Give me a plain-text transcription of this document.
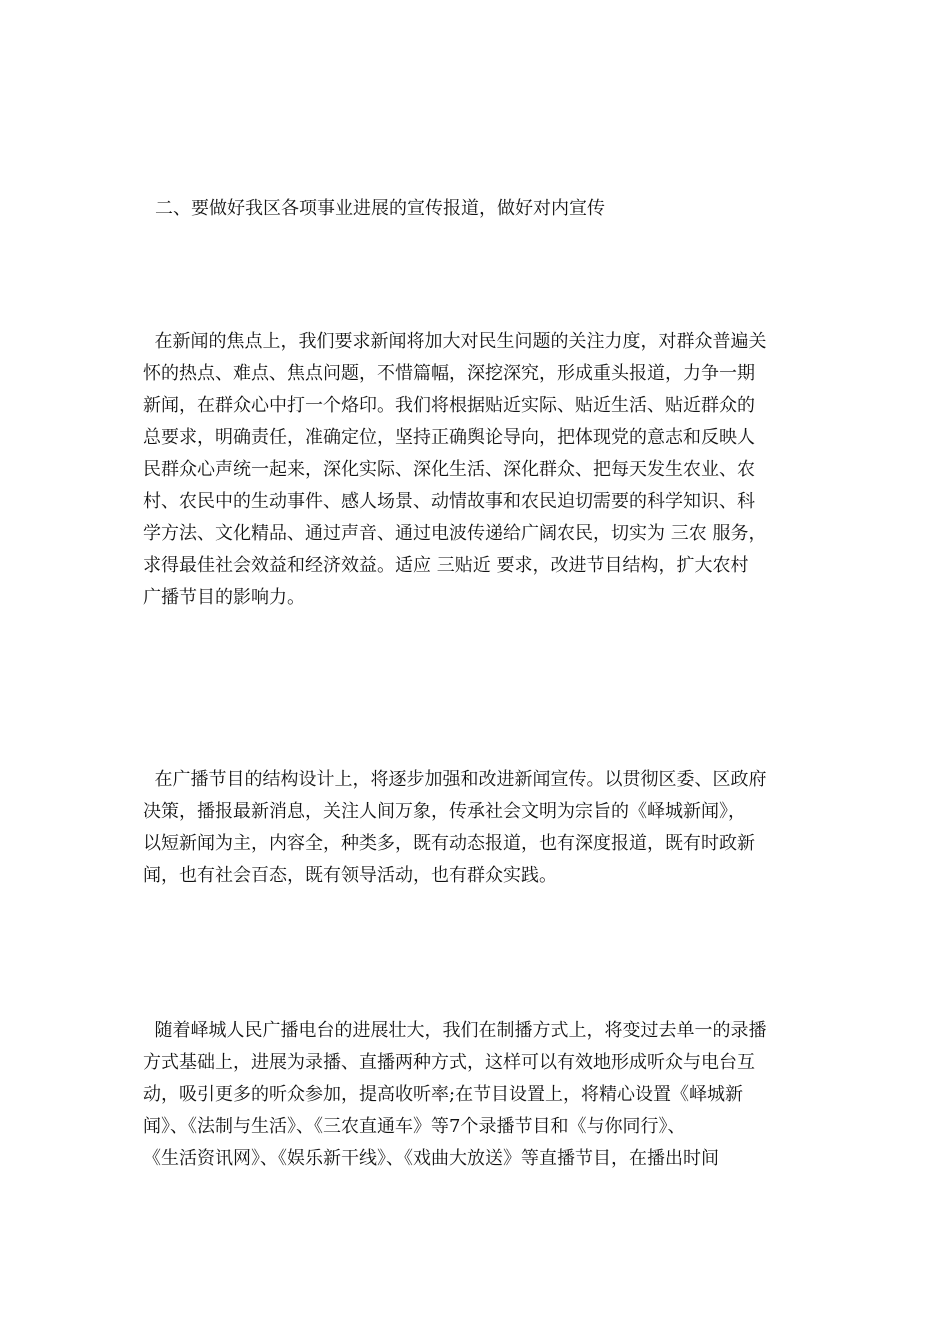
二、要做好我区各项事业进展的宣传报道，做好对内宣传
在新闻的焦点上，我们要求新闻将加大对民生问题的关注力度，对群众普遍关
怀的热点、难点、焦点问题，不惜篇幅，深挖深究，形成重头报道，力争一期
新闻，在群众心中打一个烙印。我们将根据贴近实际、贴近生活、贴近群众的
总要求，明确责任，准确定位，坚持正确舆论导向，把体现党的意志和反映人
民群众心声统一起来，深化实际、深化生活、深化群众、把每天发生农业、农
村、农民中的生动事件、感人场景、动情故事和农民迫切需要的科学知识、科
学方法、文化精品、通过声音、通过电波传递给广阔农民，切实为 三农 服务，
求得最佳社会效益和经济效益。适应 三贴近 要求，改进节目结构，扩大农村
广播节目的影响力。
在广播节目的结构设计上，将逐步加强和改进新闻宣传。以贯彻区委、区政府
决策，播报最新消息，关注人间万象，传承社会文明为宗旨的《峄城新闻》，
以短新闻为主，内容全，种类多，既有动态报道，也有深度报道，既有时政新
闻，也有社会百态，既有领导活动，也有群众实践。
随着峄城人民广播电台的进展壮大，我们在制播方式上，将变过去单一的录播
方式基础上，进展为录播、直播两种方式，这样可以有效地形成听众与电台互
动，吸引更多的听众参加，提高收听率;在节目设置上，将精心设置《峄城新
闻》、《法制与生活》、《三农直通车》等7个录播节目和《与你同行》、
《生活资讯网》、《娱乐新干线》、《戏曲大放送》等直播节目，在播出时间
